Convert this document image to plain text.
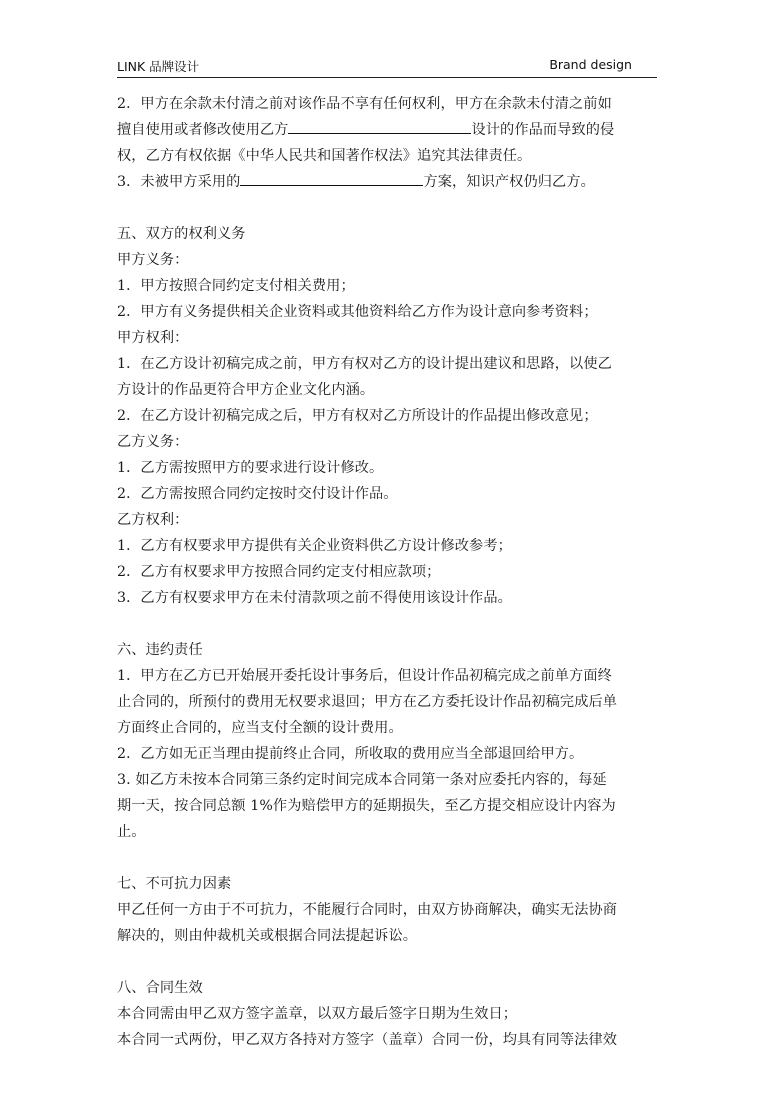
LINK 品牌设计	Brand design
2．甲方在余款未付清之前对该作品不享有任何权利，甲方在余款未付清之前如
擅自使用或者修改使用乙方	设计的作品而导致的侵
权，乙方有权依据《中华人民共和国著作权法》追究其法律责任。
3．未被甲方采用的	方案，知识产权仍归乙方。
五、双方的权利义务
甲方义务：
1．甲方按照合同约定支付相关费用；
2．甲方有义务提供相关企业资料或其他资料给乙方作为设计意向参考资料；
甲方权利：
1．在乙方设计初稿完成之前，甲方有权对乙方的设计提出建议和思路，以使乙
方设计的作品更符合甲方企业文化内涵。
2．在乙方设计初稿完成之后，甲方有权对乙方所设计的作品提出修改意见；
乙方义务：
1．乙方需按照甲方的要求进行设计修改。
2．乙方需按照合同约定按时交付设计作品。
乙方权利：
1．乙方有权要求甲方提供有关企业资料供乙方设计修改参考；
2．乙方有权要求甲方按照合同约定支付相应款项；
3．乙方有权要求甲方在未付清款项之前不得使用该设计作品。
六、违约责任
1．甲方在乙方已开始展开委托设计事务后，但设计作品初稿完成之前单方面终
止合同的，所预付的费用无权要求退回；甲方在乙方委托设计作品初稿完成后单
方面终止合同的，应当支付全额的设计费用。
2．乙方如无正当理由提前终止合同，所收取的费用应当全部退回给甲方。
3. 如乙方未按本合同第三条约定时间完成本合同第一条对应委托内容的，每延
期一天，按合同总额 1%作为赔偿甲方的延期损失，至乙方提交相应设计内容为
止。
七、不可抗力因素
甲乙任何一方由于不可抗力，不能履行合同时，由双方协商解决，确实无法协商
解决的，则由仲裁机关或根据合同法提起诉讼。
八、合同生效
本合同需由甲乙双方签字盖章，以双方最后签字日期为生效日；
本合同一式两份，甲乙双方各持对方签字（盖章）合同一份，均具有同等法律效
